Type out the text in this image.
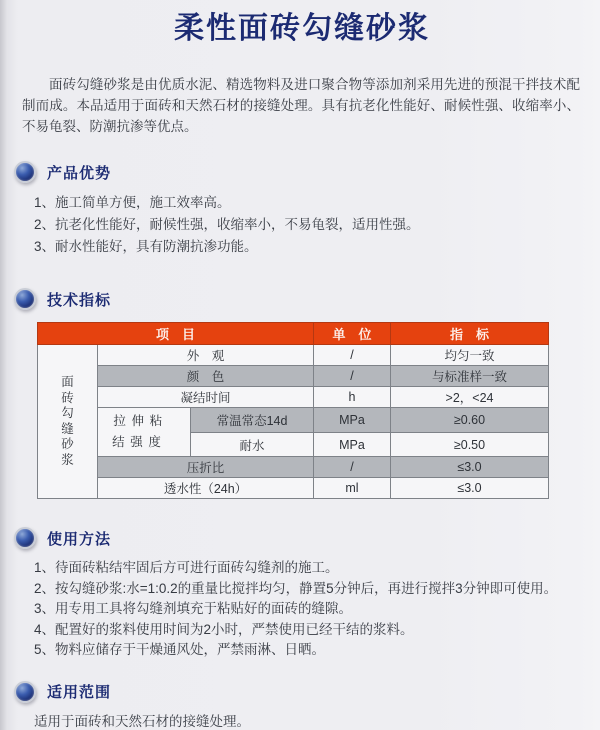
柔性面砖勾缝砂浆

面砖勾缝砂浆是由优质水泥、精选物料及进口聚合物等添加剂采用先进的预混干拌技术配制而成。本品适用于面砖和天然石材的接缝处理。具有抗老化性能好、耐候性强、收缩率小、不易龟裂、防潮抗渗等优点。

产品优势
1、施工简单方便，施工效率高。
2、抗老化性能好，耐候性强，收缩率小，不易龟裂，适用性强。
3、耐水性能好，具有防潮抗渗功能。
技术指标
项　目			单　位	指　标

面砖勾缝砂浆	外　观		/	均匀一致
	颜　色		/	与标准样一致
	凝结时间		h	>2，<24
	拉伸粘结强度	常温常态14d	MPa	≥0.60
		耐水	MPa	≥0.50
	压折比		/	≤3.0
	透水性（24h）		ml	≤3.0
使用方法
1、待面砖粘结牢固后方可进行面砖勾缝剂的施工。
2、按勾缝砂浆:水=1:0.2的重量比搅拌均匀，静置5分钟后，再进行搅拌3分钟即可使用。
3、用专用工具将勾缝剂填充于粘贴好的面砖的缝隙。
4、配置好的浆料使用时间为2小时，严禁使用已经干结的浆料。
5、物料应储存于干燥通风处，严禁雨淋、日晒。
适用范围

适用于面砖和天然石材的接缝处理。
